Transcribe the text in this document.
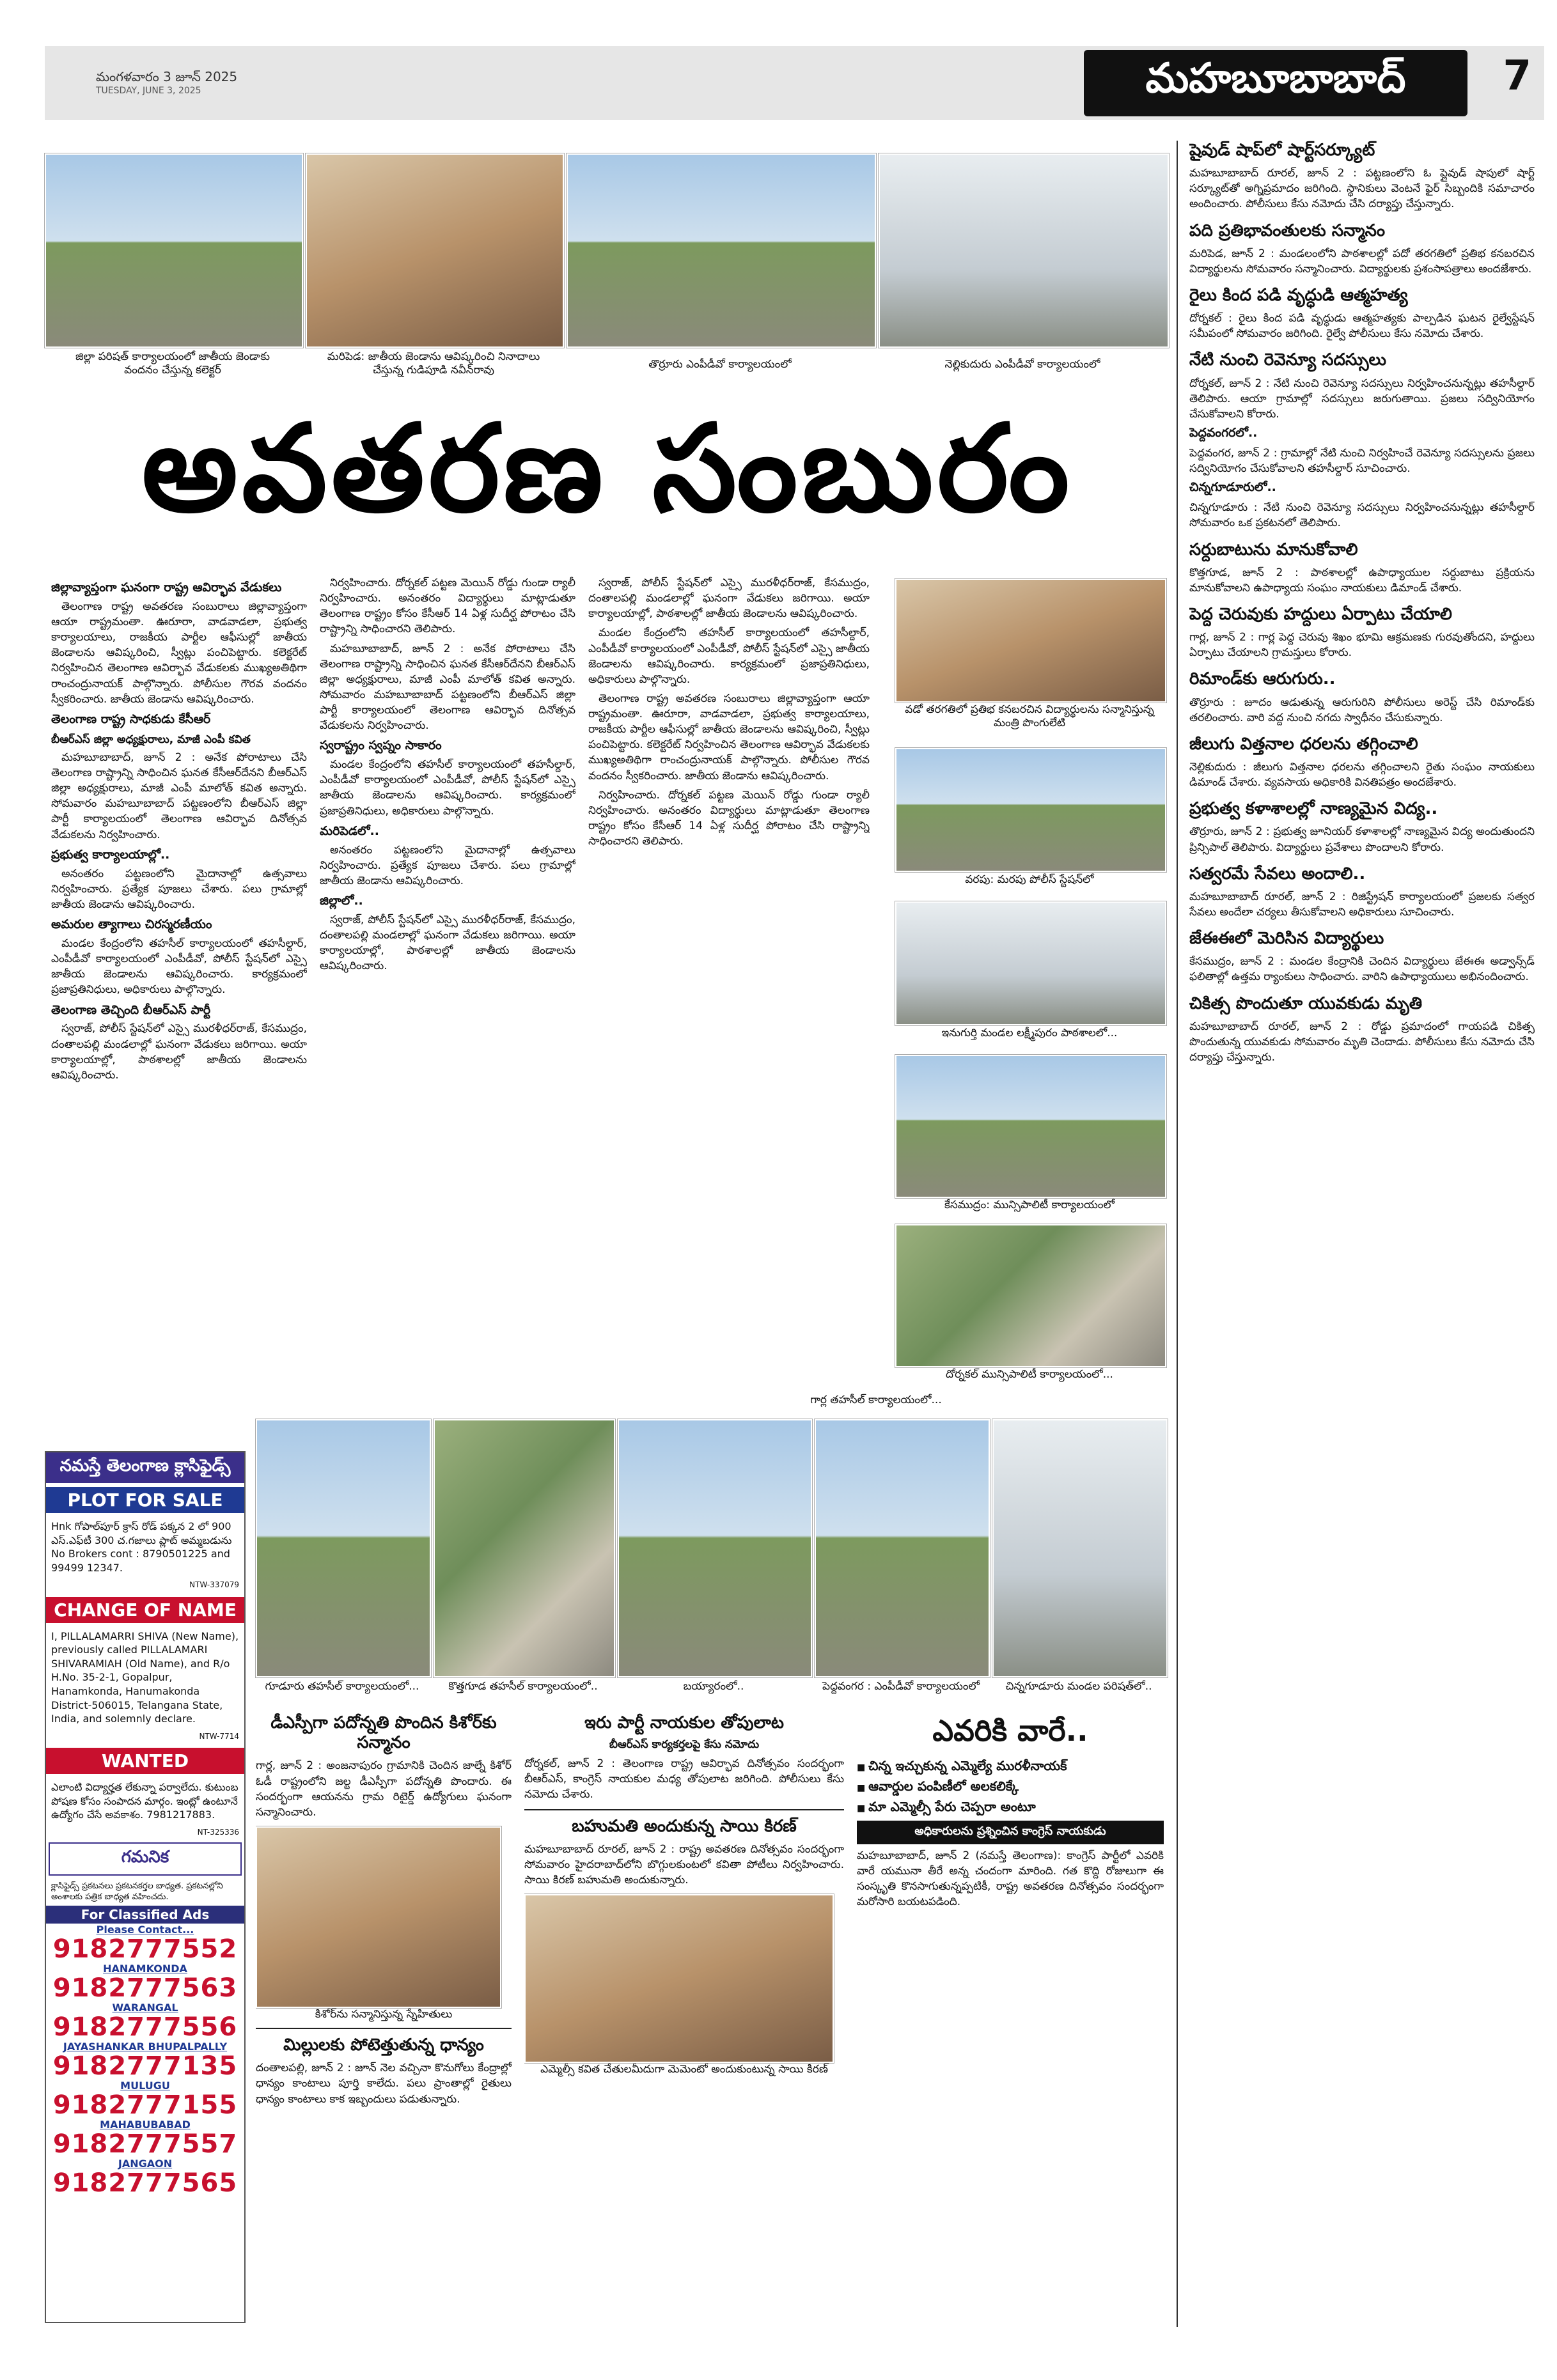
మహబూబాబాద్	7
మంగళవారం 3 జూన్ 2025
TUESDAY, JUNE 3, 2025
జిల్లా పరిషత్ కార్యాలయంలో జాతీయ జెండాకు వందనం చేస్తున్న కలెక్టర్
మరిపెడ: జాతీయ జెండాను ఆవిష్కరించి నినాదాలు చేస్తున్న గుడిపూడి నవీన్‌రావు	తొర్రూరు ఎంపీడీవో కార్యాలయంలో	నెల్లికుదురు ఎంపీడీవో కార్యాలయంలో
అవతరణ సంబురం
జిల్లావ్యాప్తంగా ఘనంగా రాష్ట్ర ఆవిర్భావ వేడుకలు

తెలంగాణ రాష్ట్ర అవతరణ సంబురాలు జిల్లావ్యాప్తంగా ఆయా రాష్ట్రమంతా. ఊరూరా, వాడవాడలా, ప్రభుత్వ కార్యాలయాలు, రాజకీయ పార్టీల ఆఫీసుల్లో జాతీయ జెండాలను ఆవిష్కరించి, స్వీట్లు పంచిపెట్టారు. కలెక్టరేట్ నిర్వహించిన తెలంగాణ ఆవిర్భావ వేడుకలకు ముఖ్యఅతిథిగా రాంచంద్రునాయక్ పాల్గొన్నారు. పోలీసుల గౌరవ వందనం స్వీకరించారు. జాతీయ జెండాను ఆవిష్కరించారు.

తెలంగాణ రాష్ట్ర సాధకుడు కేసీఆర్
బీఆర్ఎస్ జిల్లా అధ్యక్షురాలు, మాజీ ఎంపీ కవిత

మహబూబాబాద్, జూన్ 2 : అనేక పోరాటాలు చేసి తెలంగాణ రాష్ట్రాన్ని సాధించిన ఘనత కేసీఆర్‌దేనని బీఆర్ఎస్ జిల్లా అధ్యక్షురాలు, మాజీ ఎంపీ మాలోత్ కవిత అన్నారు. సోమవారం మహబూబాబాద్ పట్టణంలోని బీఆర్ఎస్ జిల్లా పార్టీ కార్యాలయంలో తెలంగాణ ఆవిర్భావ దినోత్సవ వేడుకలను నిర్వహించారు.

ప్రభుత్వ కార్యాలయాల్లో..

అనంతరం పట్టణంలోని మైదానాల్లో ఉత్సవాలు నిర్వహించారు. ప్రత్యేక పూజలు చేశారు. పలు గ్రామాల్లో జాతీయ జెండాను ఆవిష్కరించారు.

అమరుల త్యాగాలు చిరస్మరణీయం

మండల కేంద్రంలోని తహసీల్ కార్యాలయంలో తహసీల్దార్, ఎంపీడీవో కార్యాలయంలో ఎంపీడీవో, పోలీస్ స్టేషన్‌లో ఎస్సై జాతీయ జెండాలను ఆవిష్కరించారు. కార్యక్రమంలో ప్రజాప్రతినిధులు, అధికారులు పాల్గొన్నారు.

తెలంగాణ తెచ్చింది బీఆర్ఎస్ పార్టీ

స్వరాజ్, పోలీస్ స్టేషన్‌లో ఎస్సై మురళీధర్‌రాజ్, కేసముద్రం, దంతాలపల్లి మండలాల్లో ఘనంగా వేడుకలు జరిగాయి. అయా కార్యాలయాల్లో, పాఠశాలల్లో జాతీయ జెండాలను ఆవిష్కరించారు.

నిర్వహించారు. దోర్నకల్ పట్టణ మెయిన్ రోడ్డు గుండా ర్యాలీ నిర్వహించారు. అనంతరం విద్యార్థులు మాట్లాడుతూ తెలంగాణ రాష్ట్రం కోసం కేసీఆర్ 14 ఏళ్ల సుదీర్ఘ పోరాటం చేసి రాష్ట్రాన్ని సాధించారని తెలిపారు.

మహబూబాబాద్, జూన్ 2 : అనేక పోరాటాలు చేసి తెలంగాణ రాష్ట్రాన్ని సాధించిన ఘనత కేసీఆర్‌దేనని బీఆర్ఎస్ జిల్లా అధ్యక్షురాలు, మాజీ ఎంపీ మాలోత్ కవిత అన్నారు. సోమవారం మహబూబాబాద్ పట్టణంలోని బీఆర్ఎస్ జిల్లా పార్టీ కార్యాలయంలో తెలంగాణ ఆవిర్భావ దినోత్సవ వేడుకలను నిర్వహించారు.

స్వరాష్ట్రం స్వప్నం సాకారం

మండల కేంద్రంలోని తహసీల్ కార్యాలయంలో తహసీల్దార్, ఎంపీడీవో కార్యాలయంలో ఎంపీడీవో, పోలీస్ స్టేషన్‌లో ఎస్సై జాతీయ జెండాలను ఆవిష్కరించారు. కార్యక్రమంలో ప్రజాప్రతినిధులు, అధికారులు పాల్గొన్నారు.

మరిపెడలో..

అనంతరం పట్టణంలోని మైదానాల్లో ఉత్సవాలు నిర్వహించారు. ప్రత్యేక పూజలు చేశారు. పలు గ్రామాల్లో జాతీయ జెండాను ఆవిష్కరించారు.

జిల్లాలో..

స్వరాజ్, పోలీస్ స్టేషన్‌లో ఎస్సై మురళీధర్‌రాజ్, కేసముద్రం, దంతాలపల్లి మండలాల్లో ఘనంగా వేడుకలు జరిగాయి. అయా కార్యాలయాల్లో, పాఠశాలల్లో జాతీయ జెండాలను ఆవిష్కరించారు.

స్వరాజ్, పోలీస్ స్టేషన్‌లో ఎస్సై మురళీధర్‌రాజ్, కేసముద్రం, దంతాలపల్లి మండలాల్లో ఘనంగా వేడుకలు జరిగాయి. అయా కార్యాలయాల్లో, పాఠశాలల్లో జాతీయ జెండాలను ఆవిష్కరించారు.

మండల కేంద్రంలోని తహసీల్ కార్యాలయంలో తహసీల్దార్, ఎంపీడీవో కార్యాలయంలో ఎంపీడీవో, పోలీస్ స్టేషన్‌లో ఎస్సై జాతీయ జెండాలను ఆవిష్కరించారు. కార్యక్రమంలో ప్రజాప్రతినిధులు, అధికారులు పాల్గొన్నారు.

తెలంగాణ రాష్ట్ర అవతరణ సంబురాలు జిల్లావ్యాప్తంగా ఆయా రాష్ట్రమంతా. ఊరూరా, వాడవాడలా, ప్రభుత్వ కార్యాలయాలు, రాజకీయ పార్టీల ఆఫీసుల్లో జాతీయ జెండాలను ఆవిష్కరించి, స్వీట్లు పంచిపెట్టారు. కలెక్టరేట్ నిర్వహించిన తెలంగాణ ఆవిర్భావ వేడుకలకు ముఖ్యఅతిథిగా రాంచంద్రునాయక్ పాల్గొన్నారు. పోలీసుల గౌరవ వందనం స్వీకరించారు. జాతీయ జెండాను ఆవిష్కరించారు.

నిర్వహించారు. దోర్నకల్ పట్టణ మెయిన్ రోడ్డు గుండా ర్యాలీ నిర్వహించారు. అనంతరం విద్యార్థులు మాట్లాడుతూ తెలంగాణ రాష్ట్రం కోసం కేసీఆర్ 14 ఏళ్ల సుదీర్ఘ పోరాటం చేసి రాష్ట్రాన్ని సాధించారని తెలిపారు.

వడో తరగతిలో ప్రతిభ కనబరచిన విద్యార్థులను సన్మానిస్తున్న మంత్రి పొంగులేటి
వరపు: మరపు పోలీస్ స్టేషన్‌లో
ఇనుగుర్తి మండల లక్ష్మీపురం పాఠశాలలో...
కేసముద్రం: మున్సిపాలిటీ కార్యాలయంలో
దోర్నకల్ మున్సిపాలిటీ కార్యాలయంలో...
గార్ల తహసీల్ కార్యాలయంలో...
గూడూరు తహసీల్ కార్యాలయంలో...	కొత్తగూడ తహసీల్ కార్యాలయంలో..	బయ్యారంలో..	పెద్దవంగర : ఎంపీడీవో కార్యాలయంలో	చిన్నగూడూరు మండల పరిషత్‌లో..
నమస్తే తెలంగాణ క్లాసిఫైడ్స్
PLOT FOR SALE
Hnk గోపాల్‌పూర్ క్రాస్ రోడ్ పక్కన 2 లో 900 ఎస్.ఎఫ్‌టీ 300 చ.గజాలు ప్లాట్ అమ్మబడును No Brokers cont : 8790501225 and 99499 12347.
NTW-337079
CHANGE OF NAME
I, PILLALAMARRI SHIVA (New Name), previously called PILLALAMARI SHIVARAMIAH (Old Name), and R/o H.No. 35-2-1, Gopalpur, Hanamkonda, Hanumakonda District-506015, Telangana State, India, and solemnly declare.
NTW-7714
WANTED
ఎలాంటి విద్యార్హత లేకున్నా పర్వాలేదు. కుటుంబ పోషణ కోసం సంపాదన మార్గం. ఇంట్లో ఉంటూనే ఉద్యోగం చేసే అవకాశం. 7981217883.
NT-325336
గమనిక
క్లాసిఫైడ్స్ ప్రకటనలు ప్రకటనకర్తల బాధ్యత. ప్రకటనల్లోని అంశాలకు పత్రిక బాధ్యత వహించదు.
For Classified Ads
Please Contact...
9182777552
HANAMKONDA
9182777563
WARANGAL
9182777556
JAYASHANKAR BHUPALPALLY
9182777135
MULUGU
9182777155
MAHABUBABAD
9182777557
JANGAON
9182777565
డీఎస్పీగా పదోన్నతి పొందిన కిశోర్‌కు సన్మానం
గార్ల, జూన్ 2 : అంజనాపురం గ్రామానికి చెందిన జాల్నే కిశోర్ ఓడీ రాష్ట్రంలోని జల్ట డీఎస్పీగా పదోన్నతి పొందారు. ఈ సందర్భంగా ఆయనను గ్రామ రిటైర్డ్ ఉద్యోగులు ఘనంగా సన్మానించారు.
కిశోర్‌ను సన్మానిస్తున్న స్నేహితులు
మిల్లులకు పోటెత్తుతున్న ధాన్యం
దంతాలపల్లి, జూన్ 2 : జూన్ నెల వచ్చినా కొనుగోలు కేంద్రాల్లో ధాన్యం కాంటాలు పూర్తి కాలేదు. పలు ప్రాంతాల్లో రైతులు ధాన్యం కాంటాలు కాక ఇబ్బందులు పడుతున్నారు.
ఇరు పార్టీ నాయకుల తోపులాట
బీఆర్ఎస్ కార్యకర్తలపై కేసు నమోదు
దోర్నకల్, జూన్ 2 : తెలంగాణ రాష్ట్ర ఆవిర్భావ దినోత్సవం సందర్భంగా బీఆర్ఎస్, కాంగ్రెస్ నాయకుల మధ్య తోపులాట జరిగింది. పోలీసులు కేసు నమోదు చేశారు.
బహుమతి అందుకున్న సాయి కిరణ్
మహబూబాబాద్ రూరల్, జూన్ 2 : రాష్ట్ర అవతరణ దినోత్సవం సందర్భంగా సోమవారం హైదరాబాద్‌లోని బొగ్గులకుంటలో కవితా పోటీలు నిర్వహించారు. సాయి కిరణ్ బహుమతి అందుకున్నారు.
ఎమ్మెల్సీ కవిత చేతులమీదుగా మెమెంటో అందుకుంటున్న సాయి కిరణ్
ఎవరికి వారే..
■ చిన్న ఇచ్చుకున్న ఎమ్మెల్యే మురళీనాయక్
■ ఆవార్డుల పంపిణీలో అలకలిక్కే
■ మా ఎమ్మెల్సీ పేరు చెప్పరా అంటూ
అధికారులను ప్రశ్నించిన కాంగ్రెస్ నాయకుడు
మహబూబాబాద్, జూన్ 2 (నమస్తే తెలంగాణ): కాంగ్రెస్ పార్టీలో ఎవరికి వారే యమునా తీరే అన్న చందంగా మారింది. గత కొద్ది రోజులుగా ఈ సంస్కృతి కొనసాగుతున్నప్పటికీ, రాష్ట్ర అవతరణ దినోత్సవం సందర్భంగా మరోసారి బయటపడింది.
షైవుడ్ షాప్‌లో షార్ట్‌సర్క్యూట్
మహబూబాబాద్ రూరల్, జూన్ 2 : పట్టణంలోని ఓ ప్లైవుడ్ షాపులో షార్ట్ సర్క్యూట్‌తో అగ్నిప్రమాదం జరిగింది. స్థానికులు వెంటనే ఫైర్ సిబ్బందికి సమాచారం అందించారు. పోలీసులు కేసు నమోదు చేసి దర్యాప్తు చేస్తున్నారు.
పది ప్రతిభావంతులకు సన్మానం
మరిపెడ, జూన్ 2 : మండలంలోని పాఠశాలల్లో పదో తరగతిలో ప్రతిభ కనబరచిన విద్యార్థులను సోమవారం సన్మానించారు. విద్యార్థులకు ప్రశంసాపత్రాలు అందజేశారు.
రైలు కింద పడి వృద్ధుడి ఆత్మహత్య
దోర్నకల్ : రైలు కింద పడి వృద్ధుడు ఆత్మహత్యకు పాల్పడిన ఘటన రైల్వేస్టేషన్ సమీపంలో సోమవారం జరిగింది. రైల్వే పోలీసులు కేసు నమోదు చేశారు.
నేటి నుంచి రెవెన్యూ సదస్సులు
దోర్నకల్, జూన్ 2 : నేటి నుంచి రెవెన్యూ సదస్సులు నిర్వహించనున్నట్లు తహసీల్దార్ తెలిపారు. ఆయా గ్రామాల్లో సదస్సులు జరుగుతాయి. ప్రజలు సద్వినియోగం చేసుకోవాలని కోరారు.
పెద్దవంగరలో..
పెద్దవంగర, జూన్ 2 : గ్రామాల్లో నేటి నుంచి నిర్వహించే రెవెన్యూ సదస్సులను ప్రజలు సద్వినియోగం చేసుకోవాలని తహసీల్దార్ సూచించారు.
చిన్నగూడూరులో..
చిన్నగూడూరు : నేటి నుంచి రెవెన్యూ సదస్సులు నిర్వహించనున్నట్లు తహసీల్దార్ సోమవారం ఒక ప్రకటనలో తెలిపారు.
సర్దుబాటును మానుకోవాలి
కొత్తగూడ, జూన్ 2 : పాఠశాలల్లో ఉపాధ్యాయుల సర్దుబాటు ప్రక్రియను మానుకోవాలని ఉపాధ్యాయ సంఘం నాయకులు డిమాండ్ చేశారు.
పెద్ద చెరువుకు హద్దులు ఏర్పాటు చేయాలి
గార్ల, జూన్ 2 : గార్ల పెద్ద చెరువు శిఖం భూమి ఆక్రమణకు గురవుతోందని, హద్దులు ఏర్పాటు చేయాలని గ్రామస్తులు కోరారు.
రిమాండ్‌కు ఆరుగురు..
తొర్రూరు : జూదం ఆడుతున్న ఆరుగురిని పోలీసులు అరెస్ట్ చేసి రిమాండ్‌కు తరలించారు. వారి వద్ద నుంచి నగదు స్వాధీనం చేసుకున్నారు.
జీలుగు విత్తనాల ధరలను తగ్గించాలి
నెల్లికుదురు : జీలుగు విత్తనాల ధరలను తగ్గించాలని రైతు సంఘం నాయకులు డిమాండ్ చేశారు. వ్యవసాయ అధికారికి వినతిపత్రం అందజేశారు.
ప్రభుత్వ కళాశాలల్లో నాణ్యమైన విద్య..
తొర్రూరు, జూన్ 2 : ప్రభుత్వ జూనియర్ కళాశాలల్లో నాణ్యమైన విద్య అందుతుందని ప్రిన్సిపాల్ తెలిపారు. విద్యార్థులు ప్రవేశాలు పొందాలని కోరారు.
సత్వరమే సేవలు అందాలి..
మహబూబాబాద్ రూరల్, జూన్ 2 : రిజిస్ట్రేషన్ కార్యాలయంలో ప్రజలకు సత్వర సేవలు అందేలా చర్యలు తీసుకోవాలని అధికారులు సూచించారు.
జేఈఈలో మెరిసిన విద్యార్థులు
కేసముద్రం, జూన్ 2 : మండల కేంద్రానికి చెందిన విద్యార్థులు జేఈఈ అడ్వాన్స్‌డ్ ఫలితాల్లో ఉత్తమ ర్యాంకులు సాధించారు. వారిని ఉపాధ్యాయులు అభినందించారు.
చికిత్స పొందుతూ యువకుడు మృతి
మహబూబాబాద్ రూరల్, జూన్ 2 : రోడ్డు ప్రమాదంలో గాయపడి చికిత్స పొందుతున్న యువకుడు సోమవారం మృతి చెందాడు. పోలీసులు కేసు నమోదు చేసి దర్యాప్తు చేస్తున్నారు.
